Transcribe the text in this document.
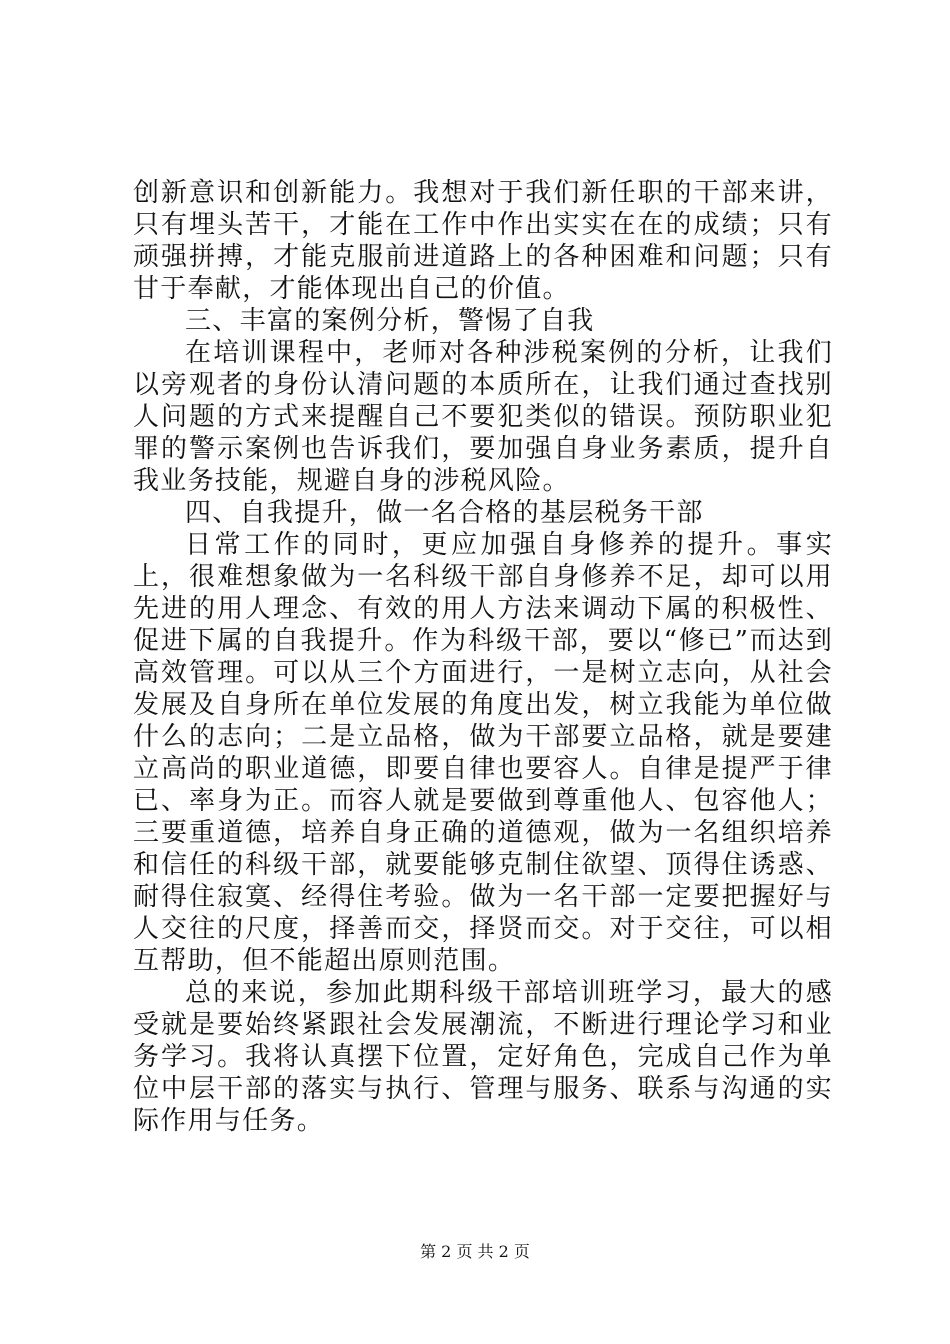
创新意识和创新能力。我想对于我们新任职的干部来讲，只有埋头苦干，才能在工作中作出实实在在的成绩；只有顽强拼搏，才能克服前进道路上的各种困难和问题；只有甘于奉献，才能体现出自己的价值。

三、丰富的案例分析，警惕了自我

在培训课程中，老师对各种涉税案例的分析，让我们以旁观者的身份认清问题的本质所在，让我们通过查找别人问题的方式来提醒自己不要犯类似的错误。预防职业犯罪的警示案例也告诉我们，要加强自身业务素质，提升自我业务技能，规避自身的涉税风险。

四、自我提升，做一名合格的基层税务干部

日常工作的同时，更应加强自身修养的提升。事实上，很难想象做为一名科级干部自身修养不足，却可以用先进的用人理念、有效的用人方法来调动下属的积极性、促进下属的自我提升。作为科级干部，要以“修已”而达到高效管理。可以从三个方面进行，一是树立志向，从社会发展及自身所在单位发展的角度出发，树立我能为单位做什么的志向；二是立品格，做为干部要立品格，就是要建立高尚的职业道德，即要自律也要容人。自律是提严于律已、率身为正。而容人就是要做到尊重他人、包容他人；三要重道德，培养自身正确的道德观，做为一名组织培养和信任的科级干部，就要能够克制住欲望、顶得住诱惑、耐得住寂寞、经得住考验。做为一名干部一定要把握好与人交往的尺度，择善而交，择贤而交。对于交往，可以相互帮助，但不能超出原则范围。

总的来说，参加此期科级干部培训班学习，最大的感受就是要始终紧跟社会发展潮流，不断进行理论学习和业务学习。我将认真摆下位置，定好角色，完成自己作为单位中层干部的落实与执行、管理与服务、联系与沟通的实际作用与任务。

第 2 页 共 2 页
